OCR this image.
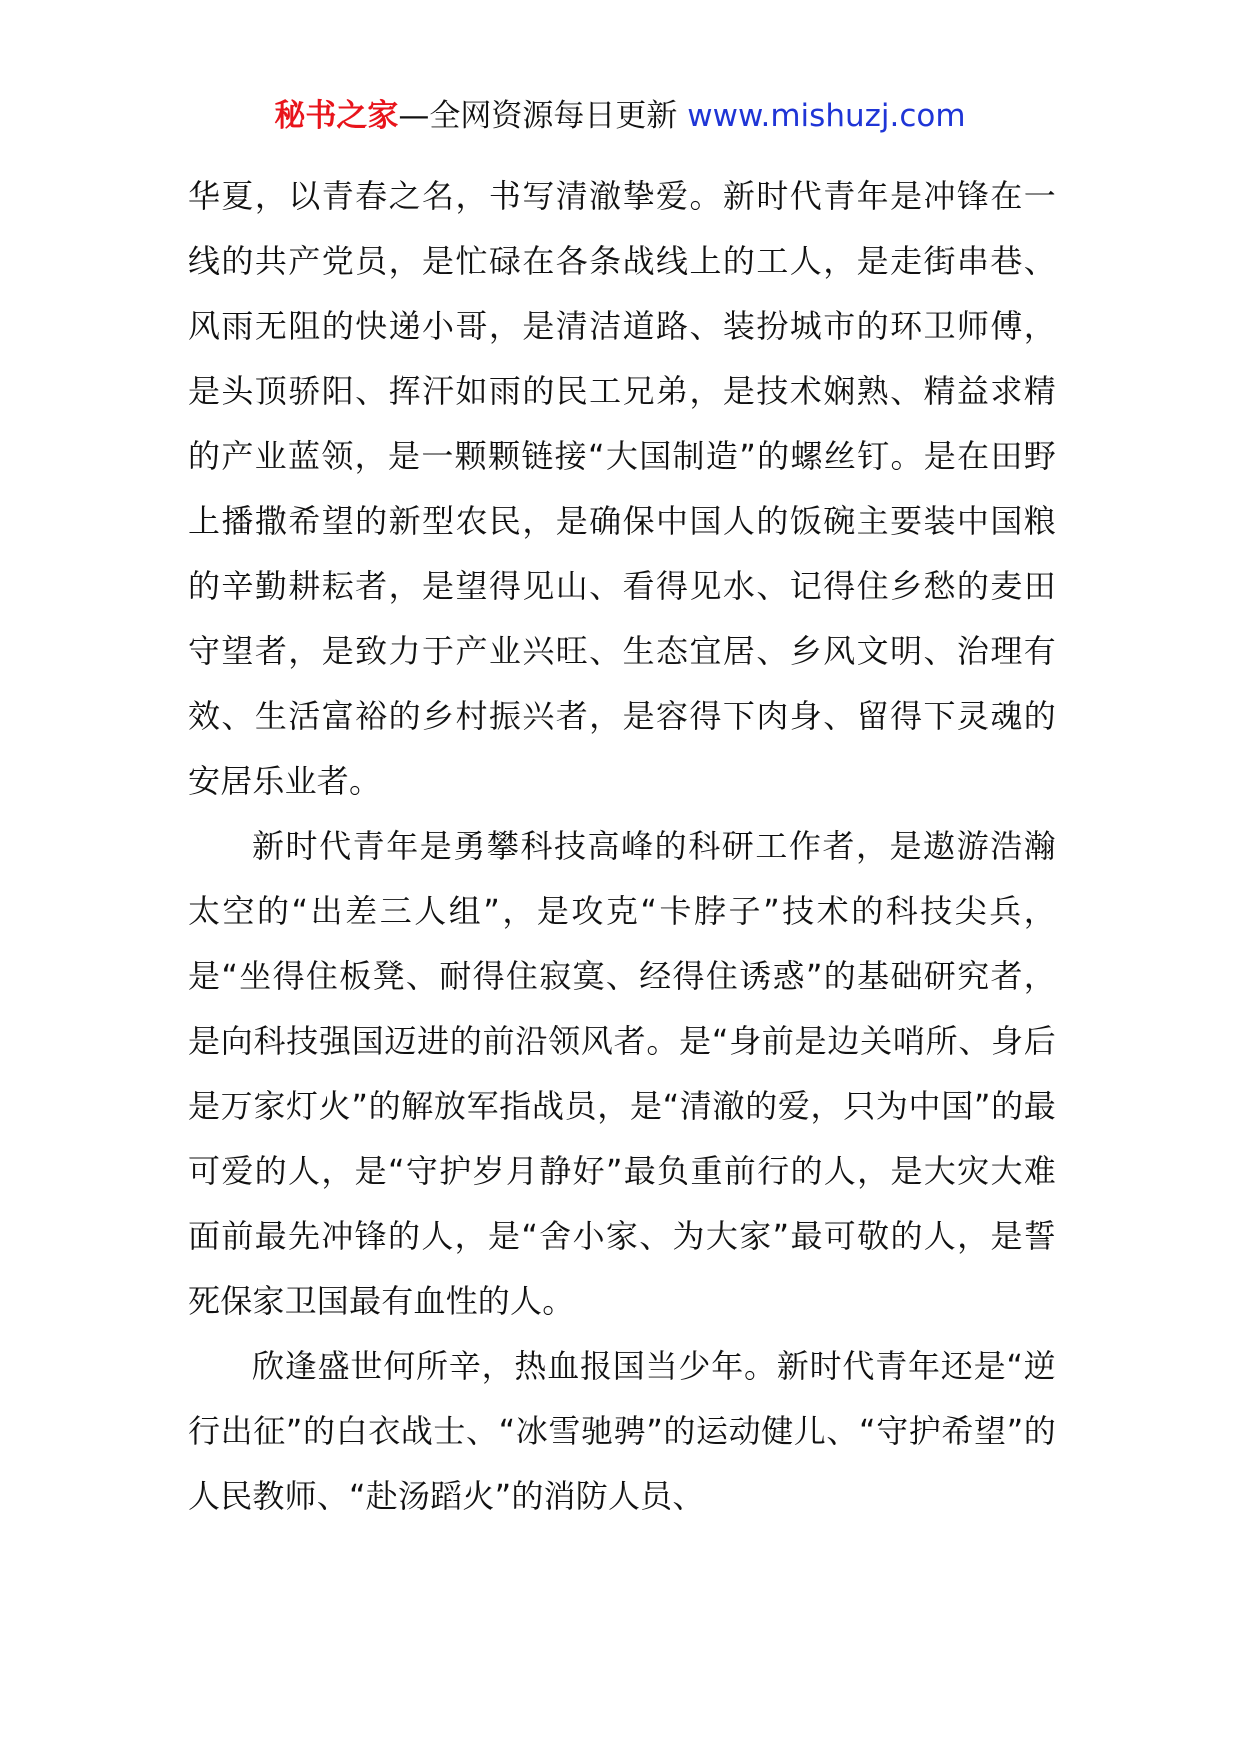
秘书之家—全网资源每日更新 www.mishuzj.com

华夏，以青春之名，书写清澈挚爱。新时代青年是冲锋在一线的共产党员，是忙碌在各条战线上的工人，是走街串巷、风雨无阻的快递小哥，是清洁道路、装扮城市的环卫师傅，是头顶骄阳、挥汗如雨的民工兄弟，是技术娴熟、精益求精的产业蓝领，是一颗颗链接“大国制造”的螺丝钉。是在田野上播撒希望的新型农民，是确保中国人的饭碗主要装中国粮的辛勤耕耘者，是望得见山、看得见水、记得住乡愁的麦田守望者，是致力于产业兴旺、生态宜居、乡风文明、治理有效、生活富裕的乡村振兴者，是容得下肉身、留得下灵魂的安居乐业者。

新时代青年是勇攀科技高峰的科研工作者，是遨游浩瀚太空的“出差三人组”，是攻克“卡脖子”技术的科技尖兵，是“坐得住板凳、耐得住寂寞、经得住诱惑”的基础研究者，是向科技强国迈进的前沿领风者。是“身前是边关哨所、身后是万家灯火”的解放军指战员，是“清澈的爱，只为中国”的最可爱的人，是“守护岁月静好”最负重前行的人，是大灾大难面前最先冲锋的人，是“舍小家、为大家”最可敬的人，是誓死保家卫国最有血性的人。

欣逢盛世何所辛，热血报国当少年。新时代青年还是“逆行出征”的白衣战士、“冰雪驰骋”的运动健儿、“守护希望”的人民教师、“赴汤蹈火”的消防人员、
